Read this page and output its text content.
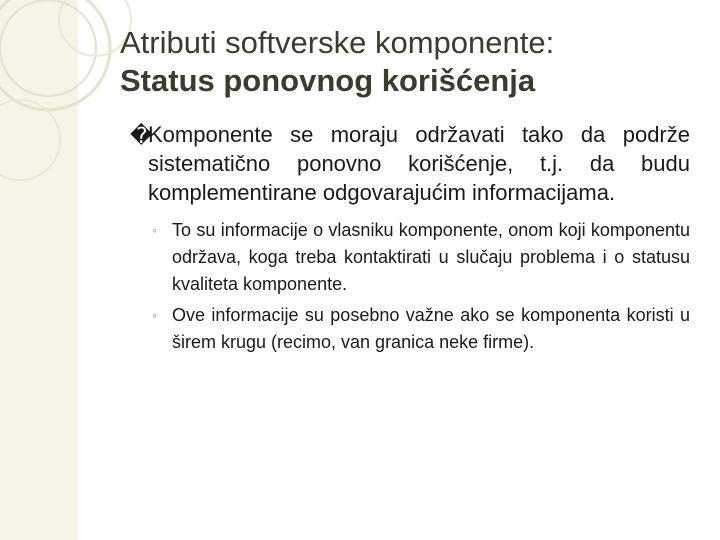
Atributi softverske komponente:
Status ponovnog korišćenja
�
Komponente se moraju održavati tako da podrže sistematično ponovno korišćenje, t.j. da budu komplementirane odgovarajućim informacijama.
◦ To su informacije o vlasniku komponente, onom koji komponentu održava, koga treba kontaktirati u slučaju problema i o statusu kvaliteta komponente.
◦ Ove informacije su posebno važne ako se komponenta koristi u širem krugu (recimo, van granica neke firme).
